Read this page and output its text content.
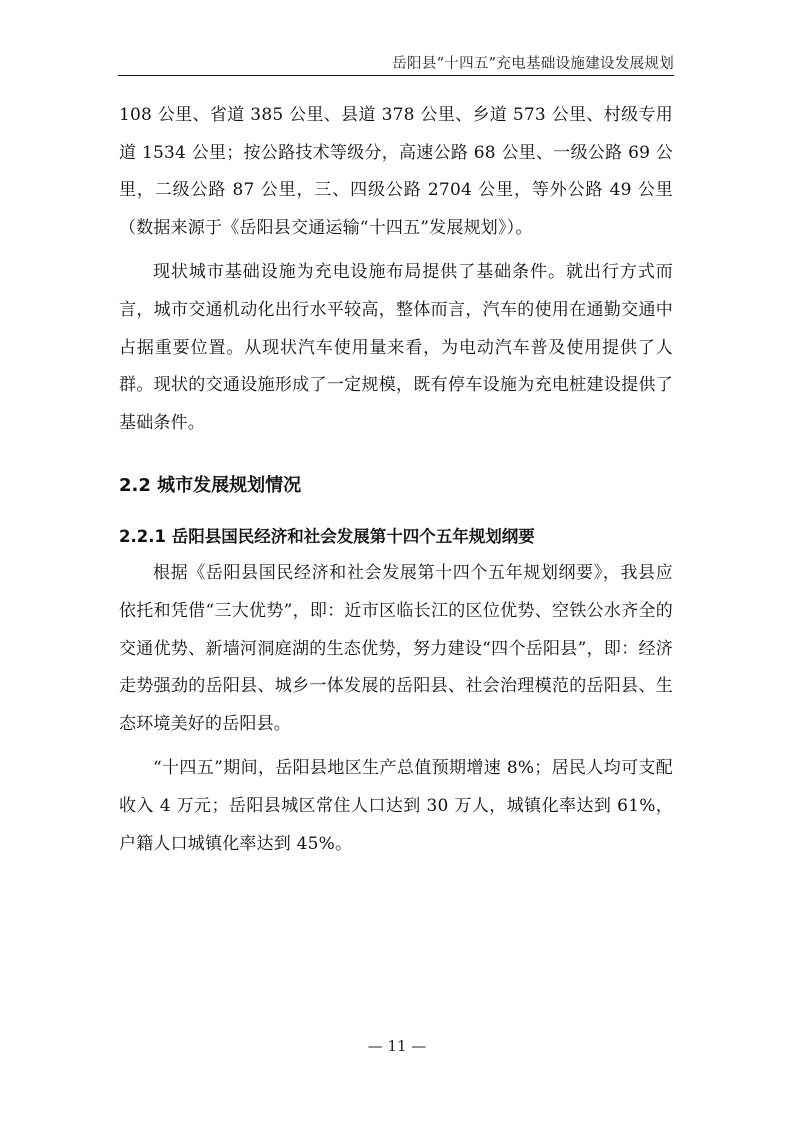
岳阳县“十四五”充电基础设施建设发展规划

108 公里、省道 385 公里、县道 378 公里、乡道 573 公里、村级专用道 1534 公里；按公路技术等级分，高速公路 68 公里、一级公路 69 公里，二级公路 87 公里，三、四级公路 2704 公里，等外公路 49 公里（数据来源于《岳阳县交通运输“十四五”发展规划》）。

现状城市基础设施为充电设施布局提供了基础条件。就出行方式而言，城市交通机动化出行水平较高，整体而言，汽车的使用在通勤交通中占据重要位置。从现状汽车使用量来看，为电动汽车普及使用提供了人群。现状的交通设施形成了一定规模，既有停车设施为充电桩建设提供了基础条件。

2.2 城市发展规划情况
2.2.1 岳阳县国民经济和社会发展第十四个五年规划纲要

根据《岳阳县国民经济和社会发展第十四个五年规划纲要》，我县应依托和凭借“三大优势”，即：近市区临长江的区位优势、空铁公水齐全的交通优势、新墙河洞庭湖的生态优势，努力建设“四个岳阳县”，即：经济走势强劲的岳阳县、城乡一体发展的岳阳县、社会治理模范的岳阳县、生态环境美好的岳阳县。

“十四五”期间，岳阳县地区生产总值预期增速 8%；居民人均可支配收入 4 万元；岳阳县城区常住人口达到 30 万人，城镇化率达到 61%，户籍人口城镇化率达到 45%。

— 11 —
